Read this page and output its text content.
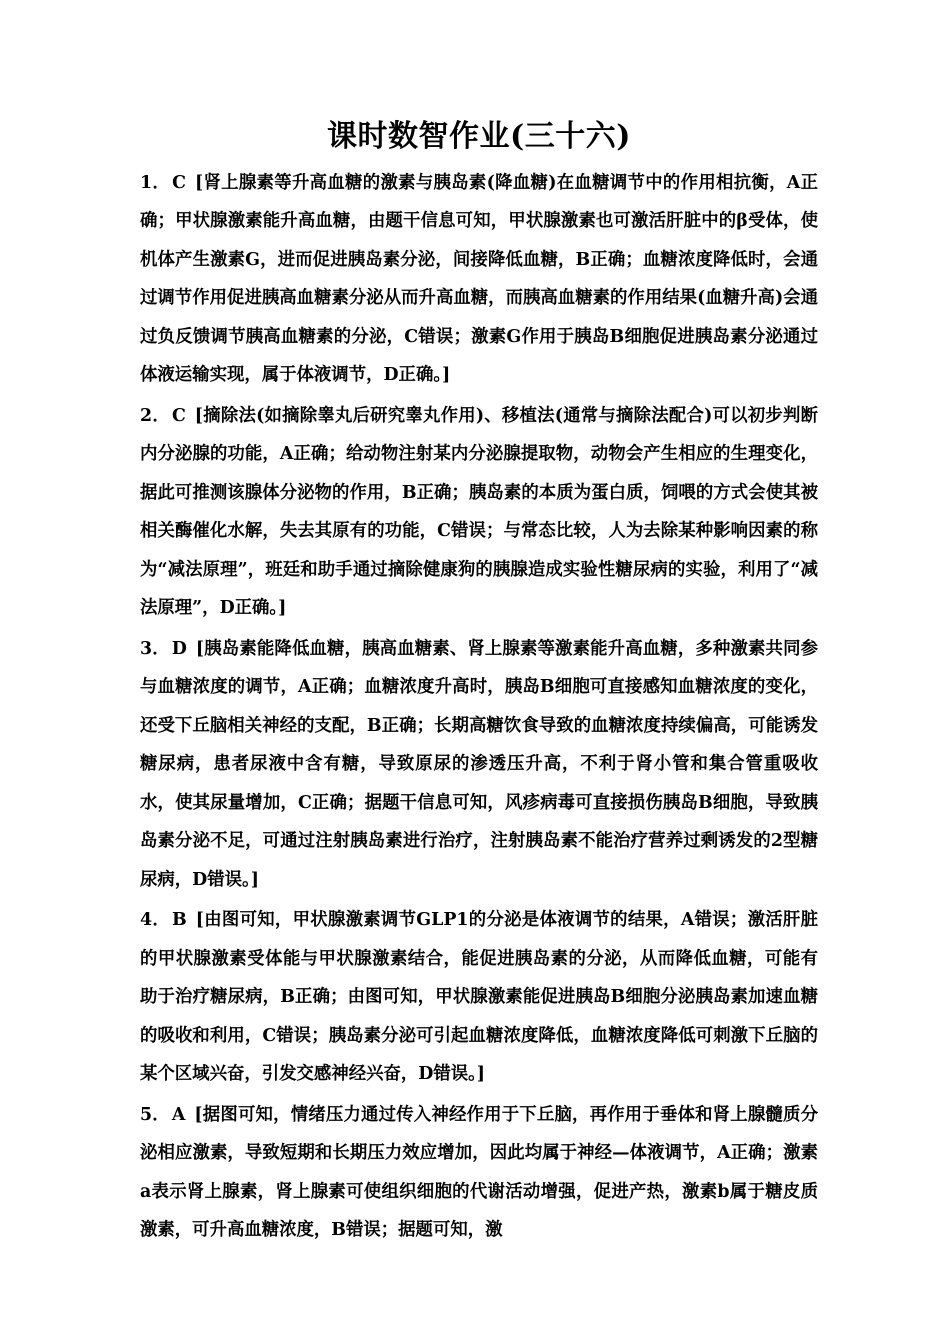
课时数智作业(三十六)

1． C [肾上腺素等升高血糖的激素与胰岛素(降血糖)在血糖调节中的作用相抗衡，A正确；甲状腺激素能升高血糖，由题干信息可知，甲状腺激素也可激活肝脏中的β受体，使机体产生激素G，进而促进胰岛素分泌，间接降低血糖，B正确；血糖浓度降低时，会通过调节作用促进胰高血糖素分泌从而升高血糖，而胰高血糖素的作用结果(血糖升高)会通过负反馈调节胰高血糖素的分泌，C错误；激素G作用于胰岛B细胞促进胰岛素分泌通过体液运输实现，属于体液调节，D正确。]

2． C [摘除法(如摘除睾丸后研究睾丸作用)、移植法(通常与摘除法配合)可以初步判断内分泌腺的功能，A正确；给动物注射某内分泌腺提取物，动物会产生相应的生理变化，据此可推测该腺体分泌物的作用，B正确；胰岛素的本质为蛋白质，饲喂的方式会使其被相关酶催化水解，失去其原有的功能，C错误；与常态比较，人为去除某种影响因素的称为“减法原理”，班廷和助手通过摘除健康狗的胰腺造成实验性糖尿病的实验，利用了“减法原理”，D正确。]

3． D [胰岛素能降低血糖，胰高血糖素、肾上腺素等激素能升高血糖，多种激素共同参与血糖浓度的调节，A正确；血糖浓度升高时，胰岛B细胞可直接感知血糖浓度的变化，还受下丘脑相关神经的支配，B正确；长期高糖饮食导致的血糖浓度持续偏高，可能诱发糖尿病，患者尿液中含有糖，导致原尿的渗透压升高，不利于肾小管和集合管重吸收水，使其尿量增加，C正确；据题干信息可知，风疹病毒可直接损伤胰岛B细胞，导致胰岛素分泌不足，可通过注射胰岛素进行治疗，注射胰岛素不能治疗营养过剩诱发的2型糖尿病，D错误。]

4． B [由图可知，甲状腺激素调节GLP1的分泌是体液调节的结果，A错误；激活肝脏的甲状腺激素受体能与甲状腺激素结合，能促进胰岛素的分泌，从而降低血糖，可能有助于治疗糖尿病，B正确；由图可知，甲状腺激素能促进胰岛B细胞分泌胰岛素加速血糖的吸收和利用，C错误；胰岛素分泌可引起血糖浓度降低，血糖浓度降低可刺激下丘脑的某个区域兴奋，引发交感神经兴奋，D错误。]

5． A [据图可知，情绪压力通过传入神经作用于下丘脑，再作用于垂体和肾上腺髓质分泌相应激素，导致短期和长期压力效应增加，因此均属于神经—体液调节，A正确；激素a表示肾上腺素，肾上腺素可使组织细胞的代谢活动增强，促进产热，激素b属于糖皮质激素，可升高血糖浓度，B错误；据题可知，激
